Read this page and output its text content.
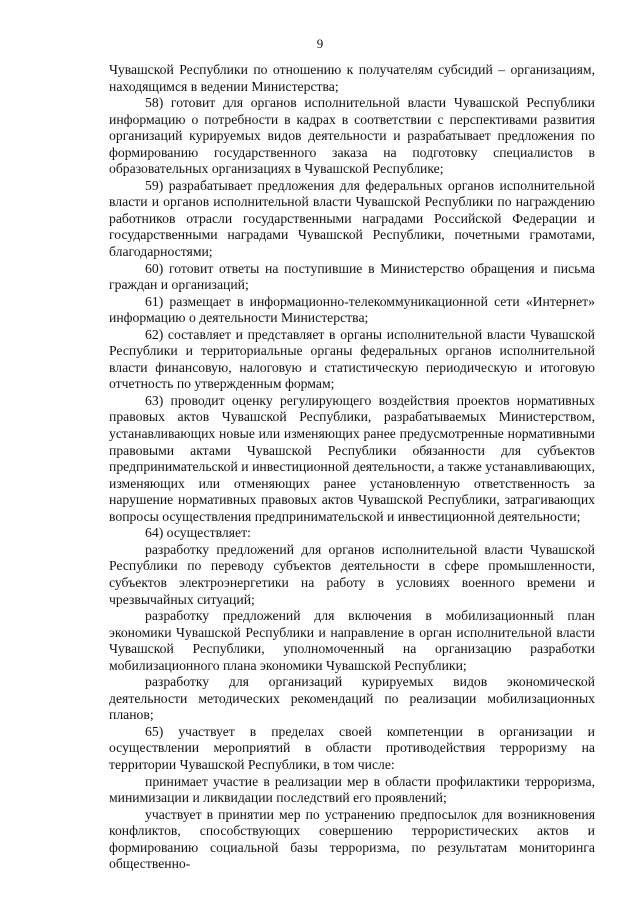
9

Чувашской Республики по отношению к получателям субсидий – организациям, находящимся в ведении Министерства;

58) готовит для органов исполнительной власти Чувашской Республики информацию о потребности в кадрах в соответствии с перспективами развития организаций курируемых видов деятельности и разрабатывает предложения по формированию государственного заказа на подготовку специалистов в образовательных организациях в Чувашской Республике;

59) разрабатывает предложения для федеральных органов исполнительной власти и органов исполнительной власти Чувашской Республики по награждению работников отрасли государственными наградами Российской Федерации и государственными наградами Чувашской Республики, почетными грамотами, благодарностями;

60) готовит ответы на поступившие в Министерство обращения и письма граждан и организаций;

61) размещает в информационно-телекоммуникационной сети «Интернет» информацию о деятельности Министерства;

62) составляет и представляет в органы исполнительной власти Чувашской Республики и территориальные органы федеральных органов исполнительной власти финансовую, налоговую и статистическую периодическую и итоговую отчетность по утвержденным формам;

63) проводит оценку регулирующего воздействия проектов нормативных правовых актов Чувашской Республики, разрабатываемых Министерством, устанавливающих новые или изменяющих ранее предусмотренные нормативными правовыми актами Чувашской Республики обязанности для субъектов предпринимательской и инвестиционной деятельности, а также устанавливающих, изменяющих или отменяющих ранее установленную ответственность за нарушение нормативных правовых актов Чувашской Республики, затрагивающих вопросы осуществления предпринимательской и инвестиционной деятельности;

64) осуществляет:

разработку предложений для органов исполнительной власти Чувашской Республики по переводу субъектов деятельности в сфере промышленности, субъектов электроэнергетики на работу в условиях военного времени и чрезвычайных ситуаций;

разработку предложений для включения в мобилизационный план экономики Чувашской Республики и направление в орган исполнительной власти Чувашской Республики, уполномоченный на организацию разработки мобилизационного плана экономики Чувашской Республики;

разработку для организаций курируемых видов экономической деятельности методических рекомендаций по реализации мобилизационных планов;

65) участвует в пределах своей компетенции в организации и осуществлении мероприятий в области противодействия терроризму на территории Чувашской Республики, в том числе:

принимает участие в реализации мер в области профилактики терроризма, минимизации и ликвидации последствий его проявлений;

участвует в принятии мер по устранению предпосылок для возникновения конфликтов, способствующих совершению террористических актов и формированию социальной базы терроризма, по результатам мониторинга общественно-
